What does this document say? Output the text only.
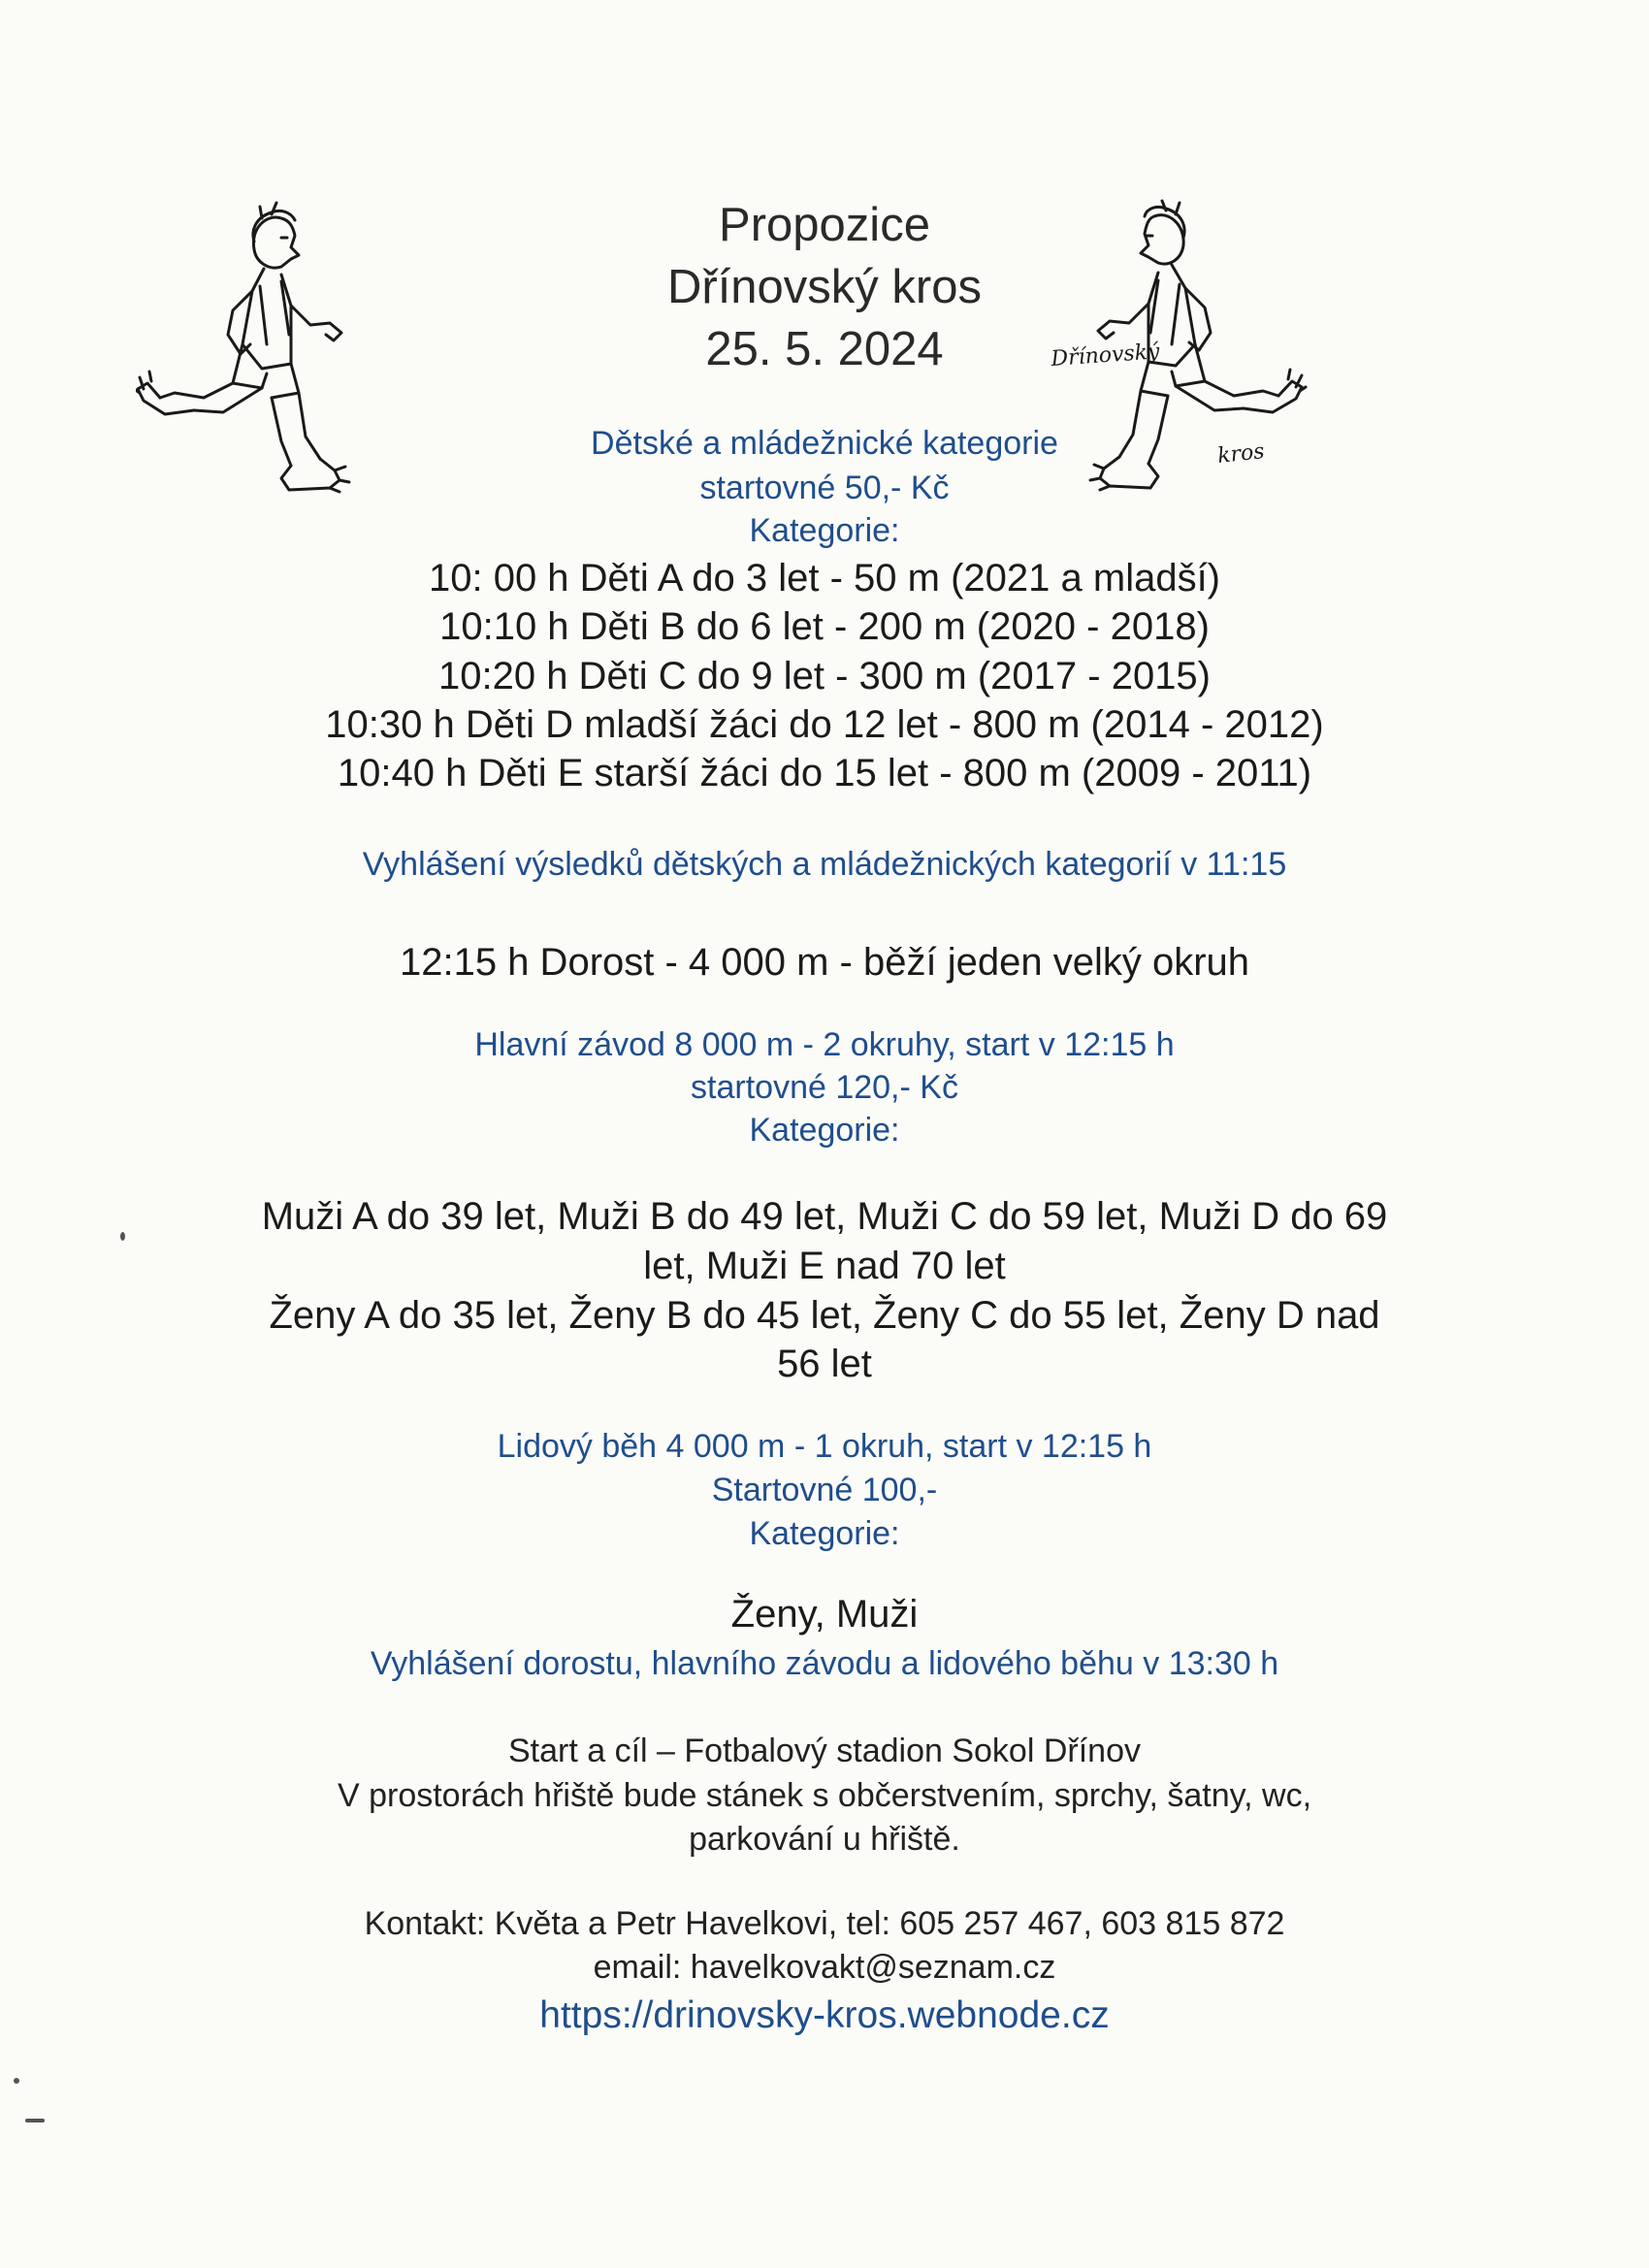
Dřínovský
kros
Propozice
Dřínovský kros
25. 5. 2024
Dětské a mládežnické kategorie
startovné 50,- Kč
Kategorie:
10: 00 h Děti A do 3 let - 50 m (2021 a mladší)
10:10 h Děti B do 6 let - 200 m (2020 - 2018)
10:20 h Děti C do 9 let - 300 m (2017 - 2015)
10:30 h Děti D mladší žáci do 12 let - 800 m (2014 - 2012)
10:40 h Děti E starší žáci do 15 let - 800 m (2009 - 2011)
Vyhlášení výsledků dětských a mládežnických kategorií v 11:15
12:15 h Dorost - 4 000 m - běží jeden velký okruh
Hlavní závod 8 000 m - 2 okruhy, start v 12:15 h
startovné 120,- Kč
Kategorie:
Muži A do 39 let, Muži B do 49 let, Muži C do 59 let, Muži D do 69
let, Muži E nad 70 let
Ženy A do 35 let, Ženy B do 45 let, Ženy C do 55 let, Ženy D nad
56 let
Lidový běh 4 000 m - 1 okruh, start v 12:15 h
Startovné 100,-
Kategorie:
Ženy, Muži
Vyhlášení dorostu, hlavního závodu a lidového běhu v 13:30 h
Start a cíl – Fotbalový stadion Sokol Dřínov
V prostorách hřiště bude stánek s občerstvením, sprchy, šatny, wc,
parkování u hřiště.
Kontakt: Květa a Petr Havelkovi, tel: 605 257 467, 603 815 872
email: havelkovakt@seznam.cz
https://drinovsky-kros.webnode.cz
